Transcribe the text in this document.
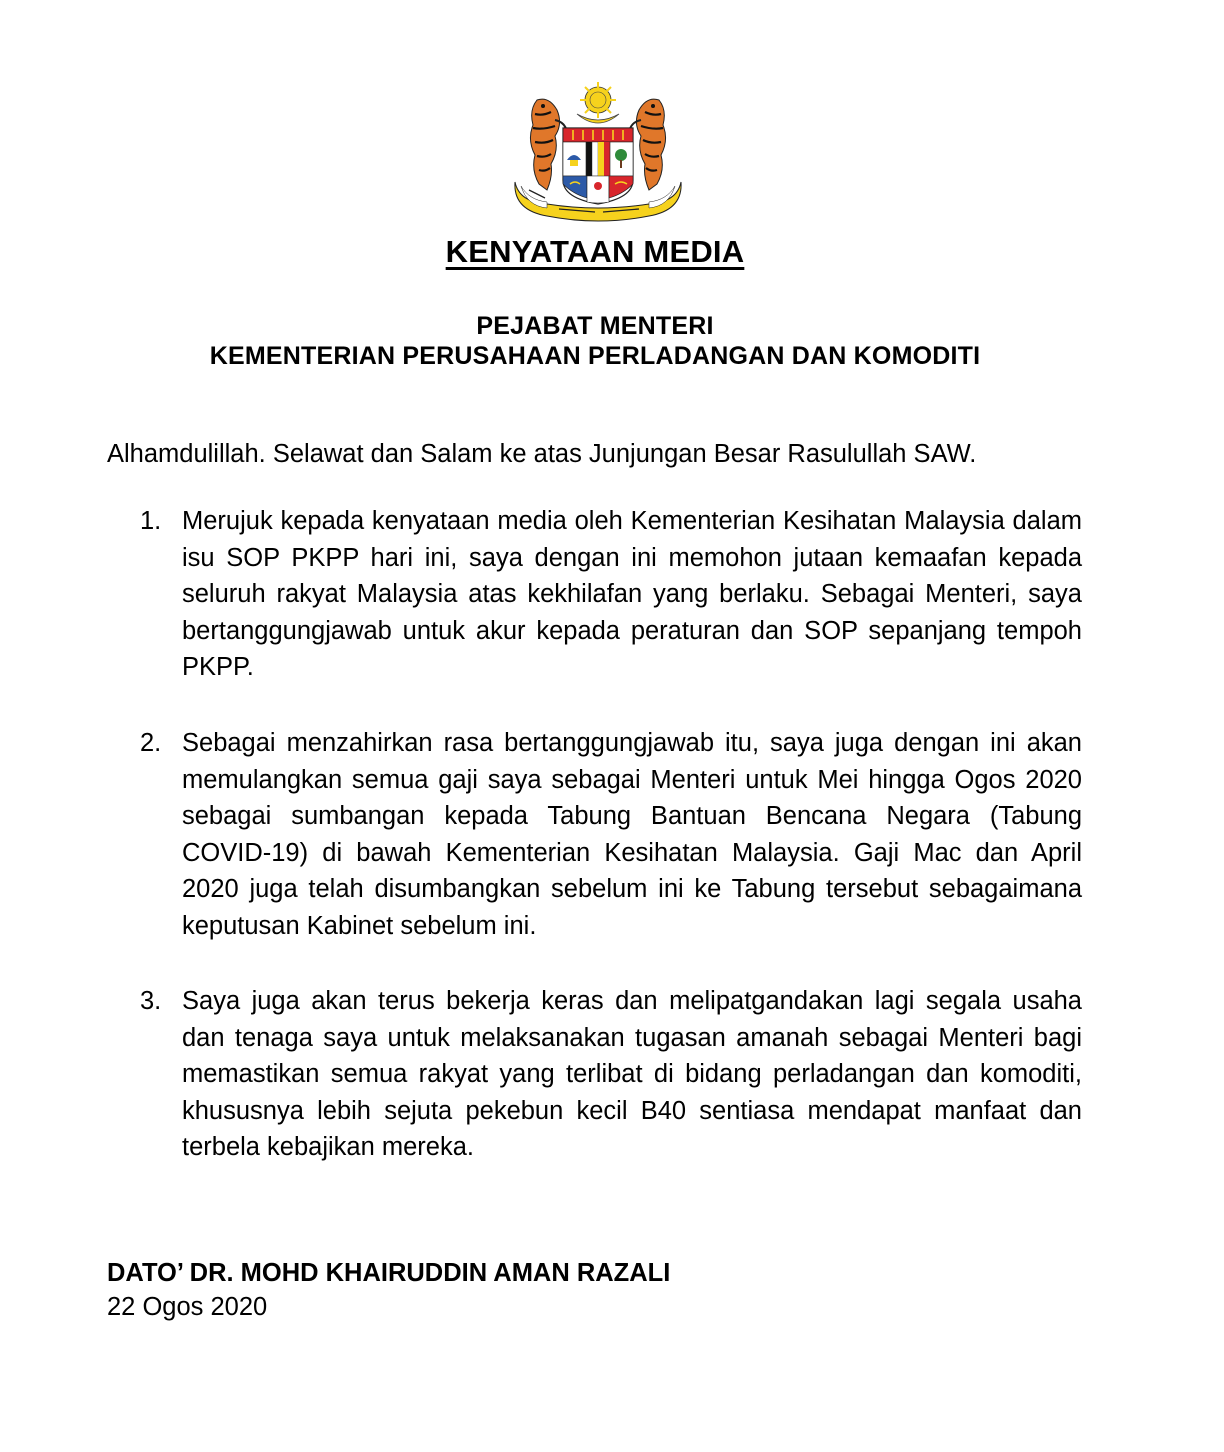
KENYATAAN MEDIA
PEJABAT MENTERI
KEMENTERIAN PERUSAHAAN PERLADANGAN DAN KOMODITI
Alhamdulillah. Selawat dan Salam ke atas Junjungan Besar Rasulullah SAW.
1. Merujuk kepada kenyataan media oleh Kementerian Kesihatan Malaysia dalam isu SOP PKPP hari ini, saya dengan ini memohon jutaan kemaafan kepada seluruh rakyat Malaysia atas kekhilafan yang berlaku. Sebagai Menteri, saya bertanggungjawab untuk akur kepada peraturan dan SOP sepanjang tempoh PKPP.
2. Sebagai menzahirkan rasa bertanggungjawab itu, saya juga dengan ini akan memulangkan semua gaji saya sebagai Menteri untuk Mei hingga Ogos 2020 sebagai sumbangan kepada Tabung Bantuan Bencana Negara (Tabung COVID-19) di bawah Kementerian Kesihatan Malaysia. Gaji Mac dan April 2020 juga telah disumbangkan sebelum ini ke Tabung tersebut sebagaimana keputusan Kabinet sebelum ini.
3. Saya juga akan terus bekerja keras dan melipatgandakan lagi segala usaha dan tenaga saya untuk melaksanakan tugasan amanah sebagai Menteri bagi memastikan semua rakyat yang terlibat di bidang perladangan dan komoditi, khususnya lebih sejuta pekebun kecil B40 sentiasa mendapat manfaat dan terbela kebajikan mereka.
DATO’ DR. MOHD KHAIRUDDIN AMAN RAZALI
22 Ogos 2020
